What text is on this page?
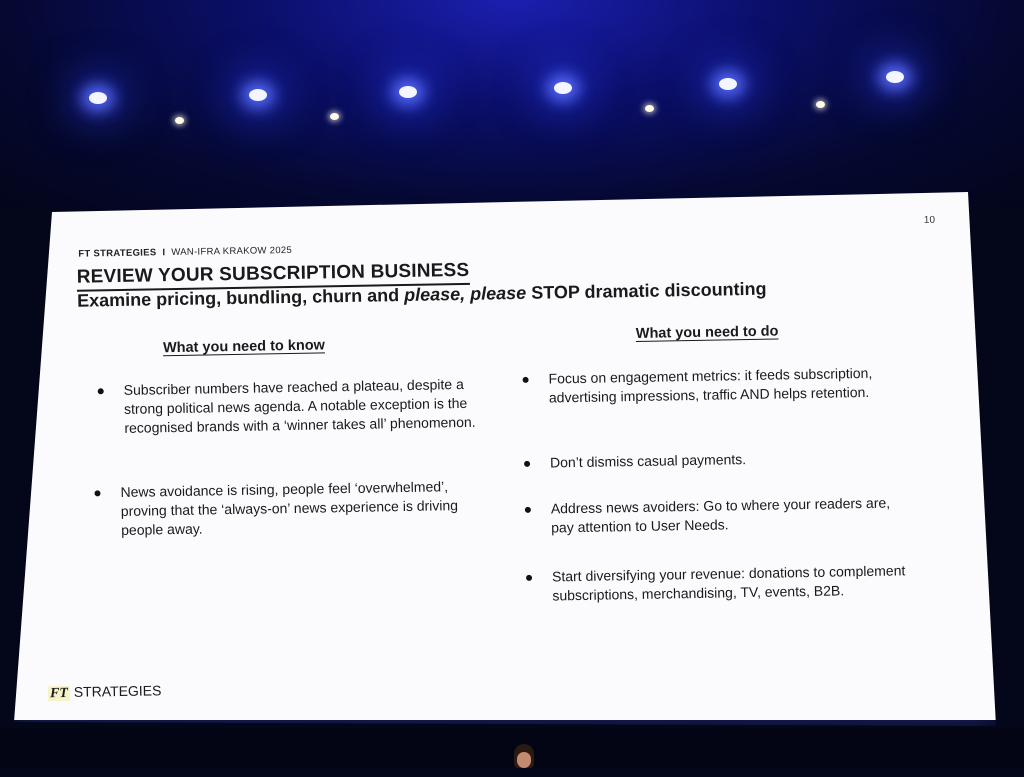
FT STRATEGIES I WAN-IFRA KRAKOW 2025
10
REVIEW YOUR SUBSCRIPTION BUSINESS
Examine pricing, bundling, churn and please, please STOP dramatic discounting
What you need to know
What you need to do
Subscriber numbers have reached a plateau, despite a strong political news agenda. A notable exception is the recognised brands with a ‘winner takes all’ phenomenon.
News avoidance is rising, people feel ‘overwhelmed’, proving that the ‘always-on’ news experience is driving people away.
Focus on engagement metrics: it feeds subscription, advertising impressions, traffic AND helps retention.
Don’t dismiss casual payments.
Address news avoiders: Go to where your readers are, pay attention to User Needs.
Start diversifying your revenue: donations to complement subscriptions, merchandising, TV, events, B2B.
FT STRATEGIES
